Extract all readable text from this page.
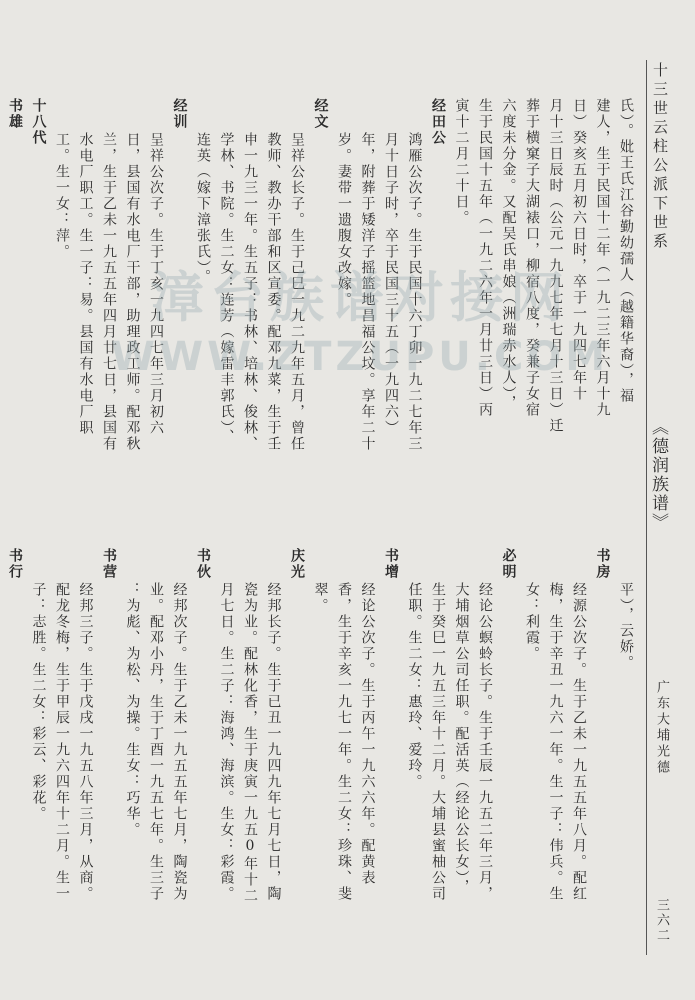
十三世云柱公派下世系
《德润族谱》
广东大埔光德
三六二
氏）。妣王氏江谷勤幼孺人（越籍华裔），福
建人，生于民国十二年（一九二三年六月十九
日）癸亥五月初六日时，卒于一九四七年十
月十三日辰时（公元一九九七年七月十三日）迁
葬于横窠子大湖裱口，柳宿八度，癸兼子女宿
六度未分金。又配吴氏串娘（洲瑞赤水人），
生于民国十五年（一九二六年一月廿三日）丙
寅十二月二十日。
经田公
鸿雁公次子。生于民国十六丁卯一九二七年三
月十日子时，卒于民国三十五（一九四六）
年，附葬于矮洋子摇篮地昌福公坟。享年二十
岁。妻带一遗腹女改嫁。
经文
呈祥公长子。生于己巳一九二九年五月，曾任
教师、教办干部和区宣委。配邓九菜，生于壬
申一九三一年。生五子：书林、培林、俊林、
学林、书院。生二女：连芳（嫁雷丰郭氏）、
连英（嫁下漳张氏）。
经训
呈祥公次子。生于丁亥一九四七年三月初六
日，县国有水电厂干部，助理政工师。配邓秋
兰，生于乙未一九五五年四月廿七日，县国有
水电厂职工。生一子：易。县国有水电厂职
工。生一女：萍。
十八代
书雄
平），云娇。
书房
经源公次子。生于乙未一九五五年八月。配红
梅，生于辛丑一九六一年。生一子：伟兵。生
女：利霞。
必明
经论公螟蛉长子。生于壬辰一九五二年三月，
大埔烟草公司任职。配活英（经论公长女），
生于癸巳一九五三年十二月。大埔县蜜柚公司
任职。生二女：惠玲、爱玲。
书增
经论公次子。生于丙午一九六六年。配黄表
香，生于辛亥一九七一年。生二女：珍珠、斐
翠。
庆光
经邦长子。生于已丑一九四九年七月七日，陶
瓷为业。配林化香，生于庚寅一九五0年十二
月七日。生二子：海鸿、海滨。生女：彩霞。
书伙
经邦次子。生于乙未一九五五年七月，陶瓷为
业。配邓小丹，生于丁酉一九五七年。生三子
：为彪、为松、为操。生女：巧华。
书营
经邦三子。生于戊戌一九五八年三月，从商。
配龙冬梅，生于甲辰一九六四年十二月。生一
子：志胜。生二女：彩云、彩花。
书行
漳台族谱对接网
WWW.ZTZUPU.COM
